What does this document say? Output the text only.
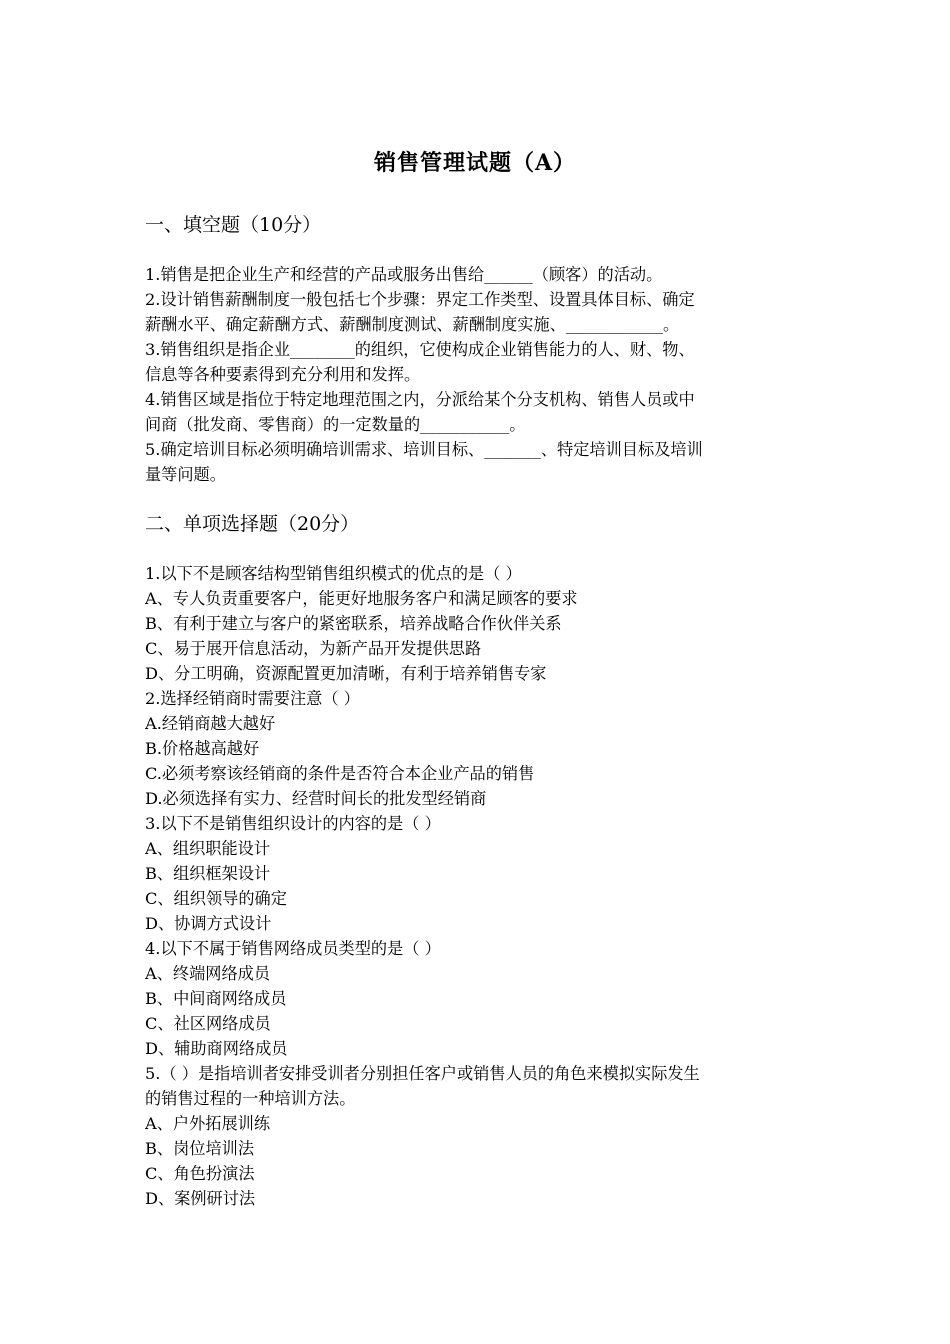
销售管理试题（A）
一、填空题（10分）
1.销售是把企业生产和经营的产品或服务出售给______（顾客）的活动。
2.设计销售薪酬制度一般包括七个步骤：界定工作类型、设置具体目标、确定
薪酬水平、确定薪酬方式、薪酬制度测试、薪酬制度实施、____________。
3.销售组织是指企业________的组织，它使构成企业销售能力的人、财、物、
信息等各种要素得到充分利用和发挥。
4.销售区域是指位于特定地理范围之内，分派给某个分支机构、销售人员或中
间商（批发商、零售商）的一定数量的___________。
5.确定培训目标必须明确培训需求、培训目标、_______、特定培训目标及培训
量等问题。
二、单项选择题（20分）
1.以下不是顾客结构型销售组织模式的优点的是（ ）
A、专人负责重要客户，能更好地服务客户和满足顾客的要求
B、有利于建立与客户的紧密联系，培养战略合作伙伴关系
C、易于展开信息活动，为新产品开发提供思路
D、分工明确，资源配置更加清晰，有利于培养销售专家
2.选择经销商时需要注意（ ）
A.经销商越大越好
B.价格越高越好
C.必须考察该经销商的条件是否符合本企业产品的销售
D.必须选择有实力、经营时间长的批发型经销商
3.以下不是销售组织设计的内容的是（ ）
A、组织职能设计
B、组织框架设计
C、组织领导的确定
D、协调方式设计
4.以下不属于销售网络成员类型的是（ ）
A、终端网络成员
B、中间商网络成员
C、社区网络成员
D、辅助商网络成员
5.（ ）是指培训者安排受训者分别担任客户或销售人员的角色来模拟实际发生
的销售过程的一种培训方法。
A、户外拓展训练
B、岗位培训法
C、角色扮演法
D、案例研讨法
